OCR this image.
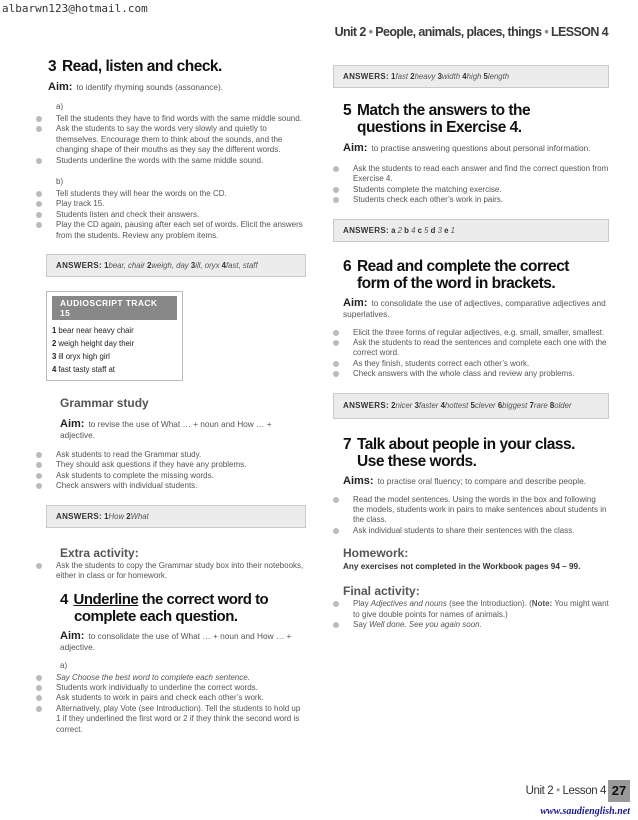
albarwn123@hotmail.com
Unit 2 • People, animals, places, things • LESSON 4
3 Read, listen and check.
Aim: to identify rhyming sounds (assonance).
a)
Tell the students they have to find words with the same middle sound.
Ask the students to say the words very slowly and quietly to themselves. Encourage them to think about the sounds, and the changing shape of their mouths as they say the different words.
Students underline the words with the same middle sound.
b)
Tell students they will hear the words on the CD.
Play track 15.
Students listen and check their answers.
Play the CD again, pausing after each set of words. Elicit the answers from the students. Review any problem items.
ANSWERS: 1bear, chair 2weigh, day 3ill, oryx 4fast, staff
AUDIOSCRIPT TRACK 15
1 bear near heavy chair
2 weigh height day their
3 ill oryx high girl
4 fast tasty staff at
Grammar study
Aim: to revise the use of What … + noun and How … + adjective.
Ask students to read the Grammar study.
They should ask questions if they have any problems.
Ask students to complete the missing words.
Check answers with individual students.
ANSWERS: 1How 2What
Extra activity:
Ask the students to copy the Grammar study box into their notebooks, either in class or for homework.
4 Underline the correct word to
complete each question.
Aim: to consolidate the use of What … + noun and How … + adjective.
a)
Say Choose the best word to complete each sentence.
Students work individually to underline the correct words.
Ask students to work in pairs and check each other’s work.
Alternatively, play Vote (see Introduction). Tell the students to hold up 1 if they underlined the first word or 2 if they think the second word is correct.
ANSWERS: 1fast 2heavy 3width 4high 5length
5 Match the answers to the
questions in Exercise 4.
Aim: to practise answering questions about personal information.
Ask the students to read each answer and find the correct question from Exercise 4.
Students complete the matching exercise.
Students check each other’s work in pairs.
ANSWERS: a 2 b 4 c 5 d 3 e 1
6 Read and complete the correct
form of the word in brackets.
Aim: to consolidate the use of adjectives, comparative adjectives and superlatives.
Elicit the three forms of regular adjectives, e.g. small, smaller, smallest.
Ask the students to read the sentences and complete each one with the correct word.
As they finish, students correct each other’s work.
Check answers with the whole class and review any problems.
ANSWERS: 2nicer 3faster 4hottest 5clever 6biggest 7rare 8older
7 Talk about people in your class.
Use these words.
Aims: to practise oral fluency; to compare and describe people.
Read the model sentences. Using the words in the box and following the models, students work in pairs to make sentences about students in the class.
Ask individual students to share their sentences with the class.
Homework:
Any exercises not completed in the Workbook pages 94 – 99.
Final activity:
Play Adjectives and nouns (see the Introduction). (Note: You might want to give double points for names of animals.)
Say Well done. See you again soon.
Unit 2 • Lesson 4 27
www.saudienglish.net
